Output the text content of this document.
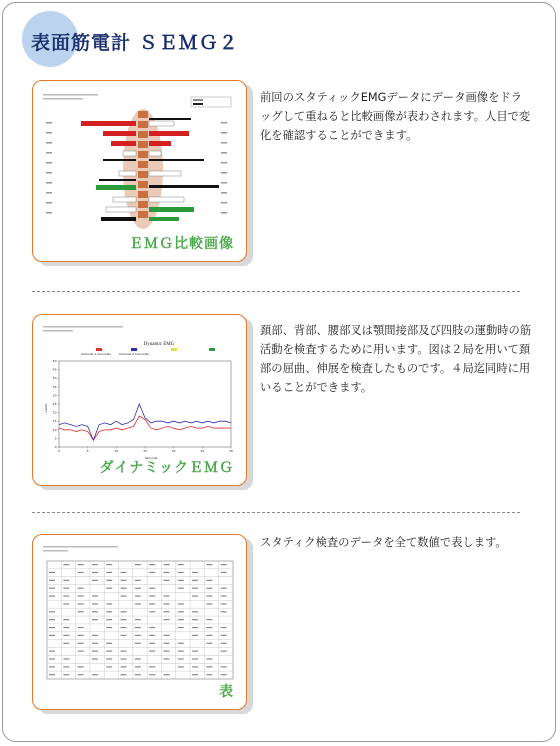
表面筋電計 ＳＥＭＧ２
ＥＭＧ比較画像
前回のスタティックEMGデータにデータ画像をドラッグして重ねると比較画像が表わされます。人目で変化を確認することができます。
Dynamic EMG
Channel 1 Cervicals	Channel 2 Cervicals
0
5
10
15
20
25
30
35
40
45
50
0	5	10	15	20	25	30
uVolts
Seconds
ダイナミックＥＭＧ
頚部、背部、腰部叉は顎間接部及び四肢の運動時の筋活動を検査するために用います。図は２局を用いて頚部の屈曲、伸展を検査したものです。４局迄同時に用いることができます。
表
スタティク検査のデータを全て数値で表します。
